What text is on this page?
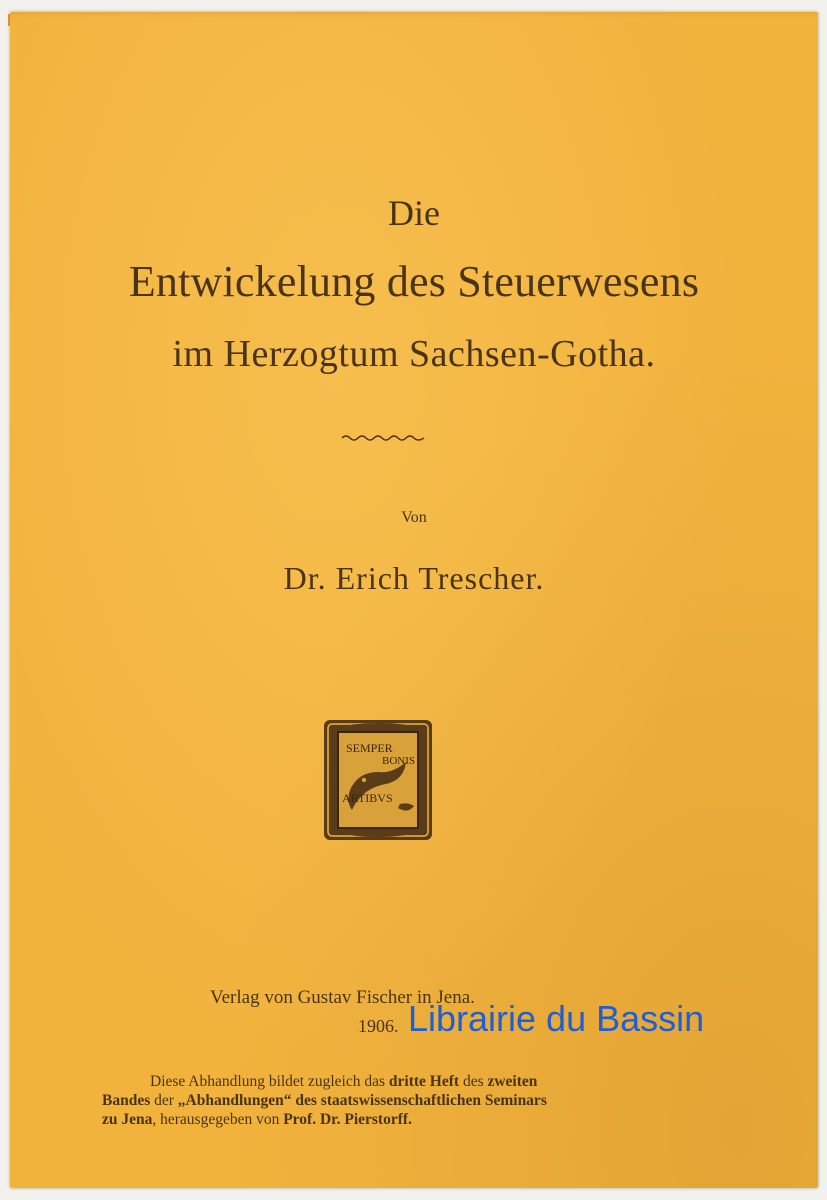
Die
Entwickelung des Steuerwesens
im Herzogtum Sachsen-Gotha.
Von
Dr. Erich Trescher.
SEMPER
BONIS
ARTIBVS
Verlag von Gustav Fischer in Jena.
1906.
Diese Abhandlung bildet zugleich das dritte Heft des zweiten
Bandes der „Abhandlungen“ des staatswissenschaftlichen Seminars
zu Jena, herausgegeben von Prof. Dr. Pierstorff.
Librairie du Bassin
